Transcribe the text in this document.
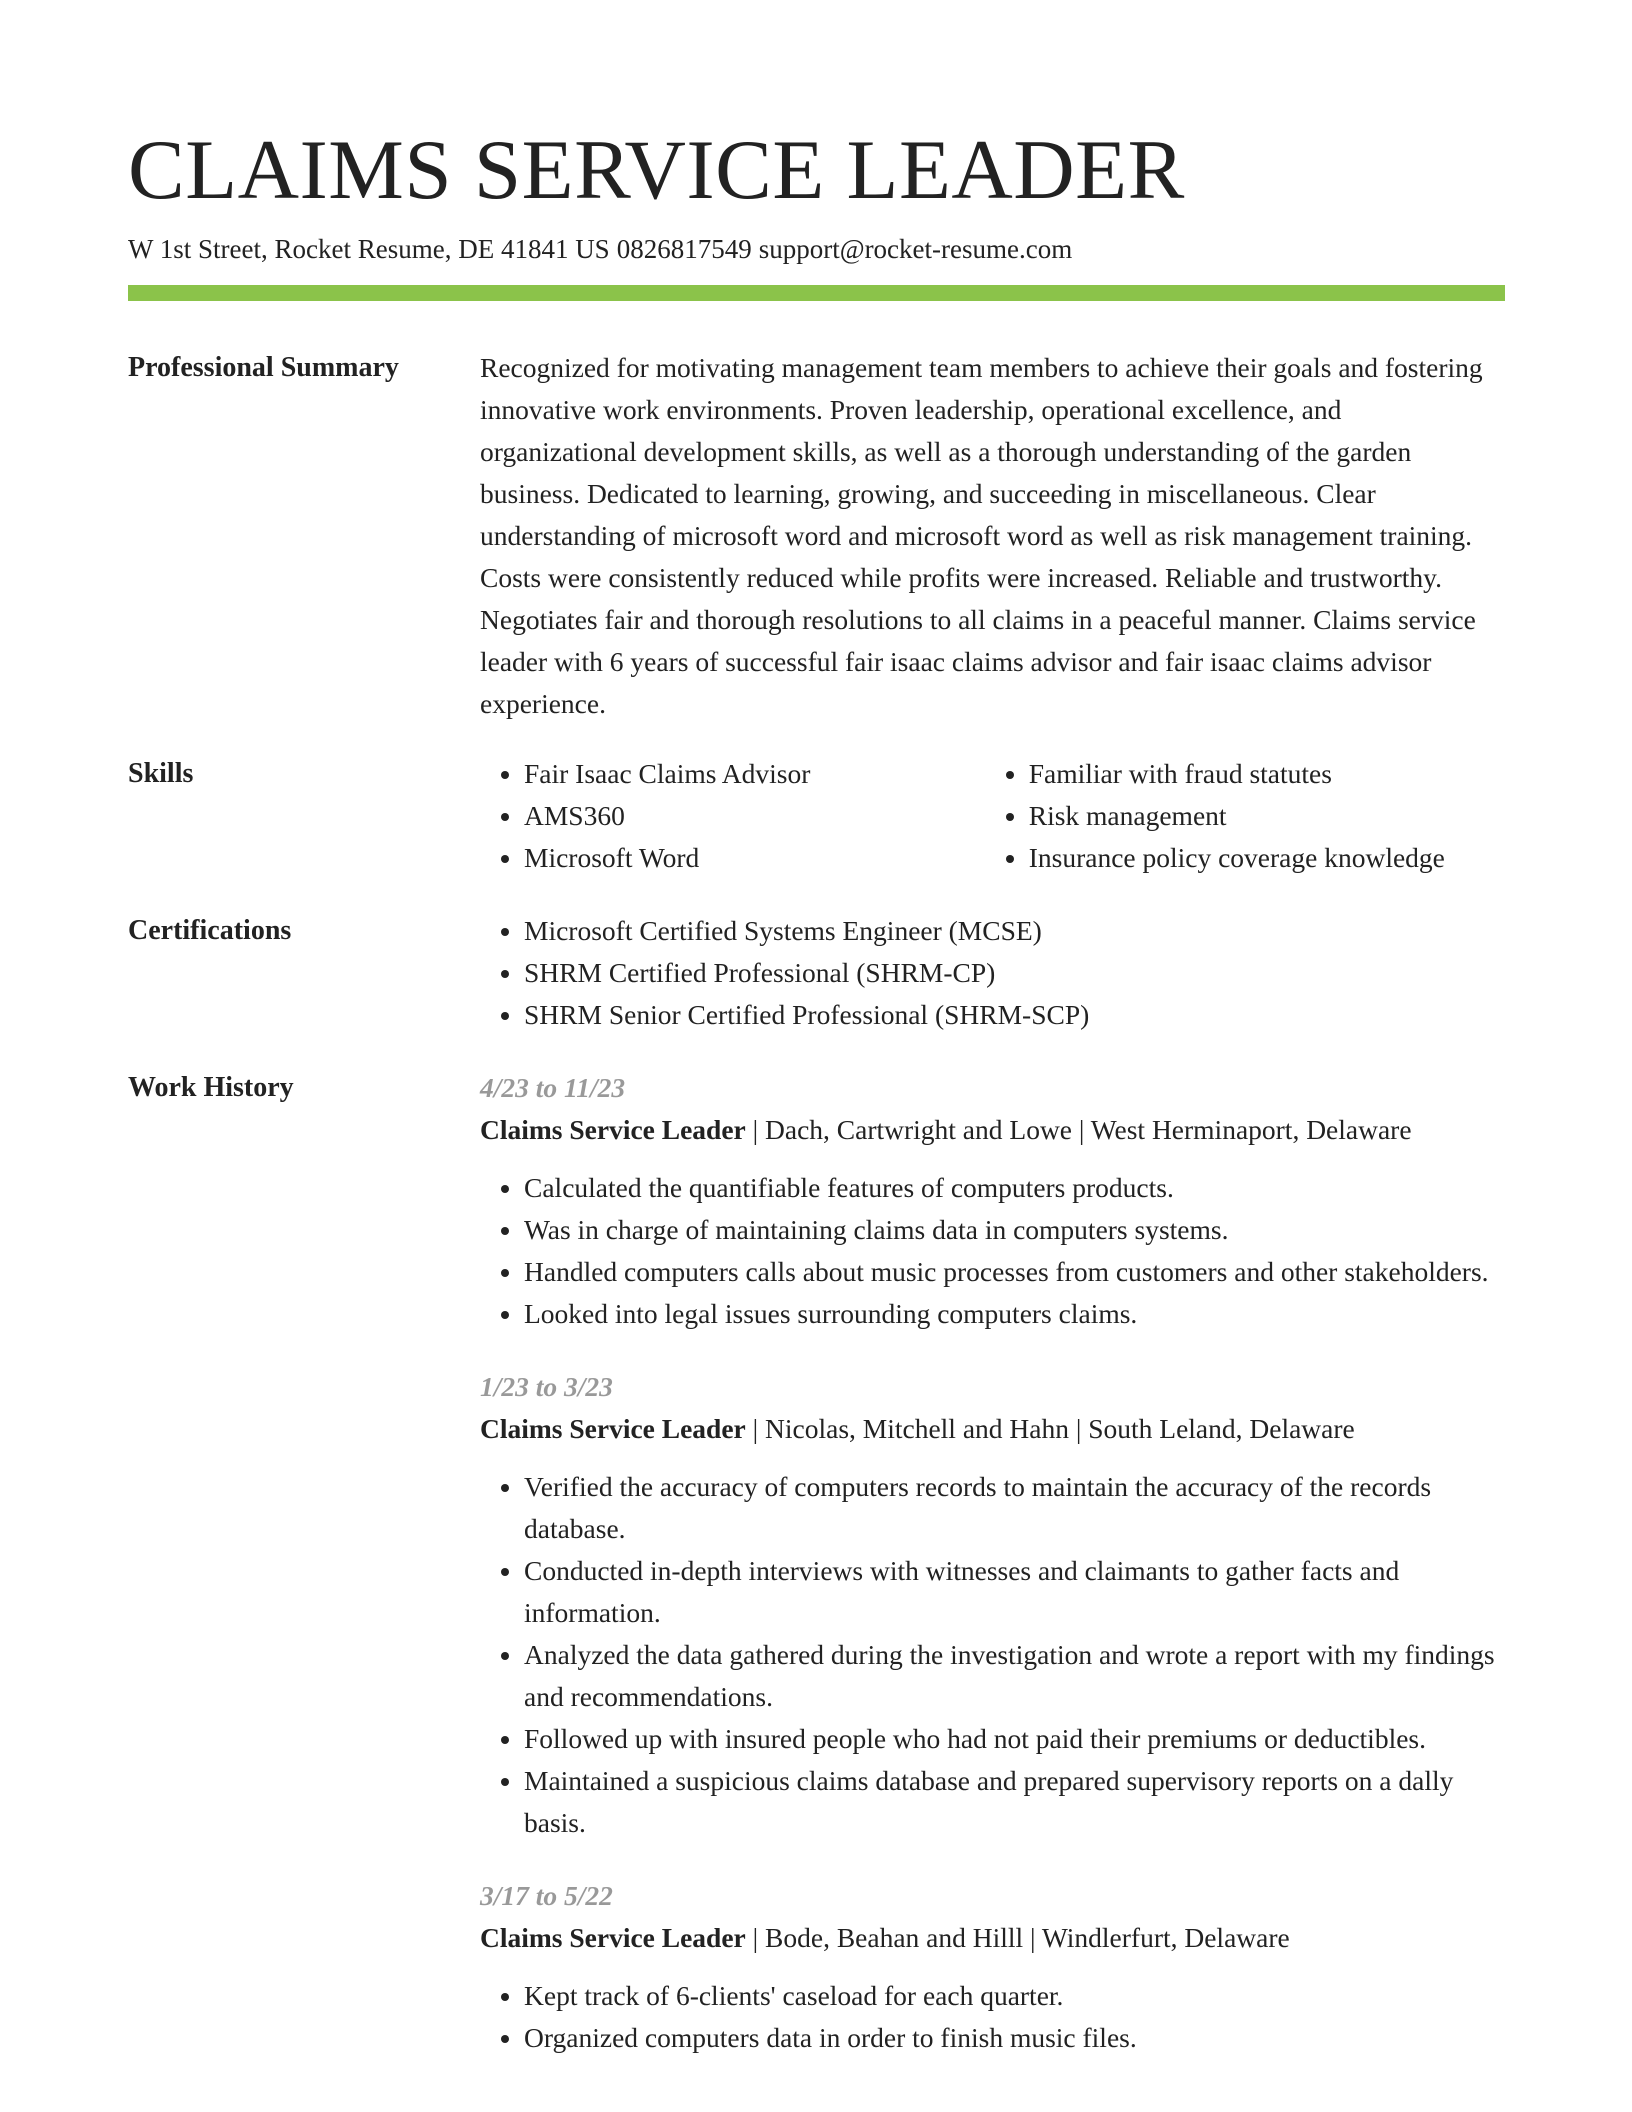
CLAIMS SERVICE LEADER

W 1st Street, Rocket Resume, DE 41841 US 0826817549 support@rocket-resume.com

Professional Summary	Recognized for motivating management team members to achieve their goals and fostering innovative work environments. Proven leadership, operational excellence, and organizational development skills, as well as a thorough understanding of the garden business. Dedicated to learning, growing, and succeeding in miscellaneous. Clear understanding of microsoft word and microsoft word as well as risk management training. Costs were consistently reduced while profits were increased. Reliable and trustworthy. Negotiates fair and thorough resolutions to all claims in a peaceful manner. Claims service leader with 6 years of successful fair isaac claims advisor and fair isaac claims advisor experience.

Skills	• Fair Isaac Claims Advisor
• AMS360
• Microsoft Word
• Familiar with fraud statutes
• Risk management
• Insurance policy coverage knowledge
Certifications	• Microsoft Certified Systems Engineer (MCSE)
• SHRM Certified Professional (SHRM-CP)
• SHRM Senior Certified Professional (SHRM-SCP)
Work History	4/23 to 11/23

Claims Service Leader | Dach, Cartwright and Lowe | West Herminaport, Delaware

• Calculated the quantifiable features of computers products.
• Was in charge of maintaining claims data in computers systems.
• Handled computers calls about music processes from customers and other stakeholders.
• Looked into legal issues surrounding computers claims.

1/23 to 3/23

Claims Service Leader | Nicolas, Mitchell and Hahn | South Leland, Delaware

• Verified the accuracy of computers records to maintain the accuracy of the records database.
• Conducted in-depth interviews with witnesses and claimants to gather facts and information.
• Analyzed the data gathered during the investigation and wrote a report with my findings and recommendations.
• Followed up with insured people who had not paid their premiums or deductibles.
• Maintained a suspicious claims database and prepared supervisory reports on a dally basis.

3/17 to 5/22

Claims Service Leader | Bode, Beahan and Hilll | Windlerfurt, Delaware

• Kept track of 6-clients' caseload for each quarter.
• Organized computers data in order to finish music files.
